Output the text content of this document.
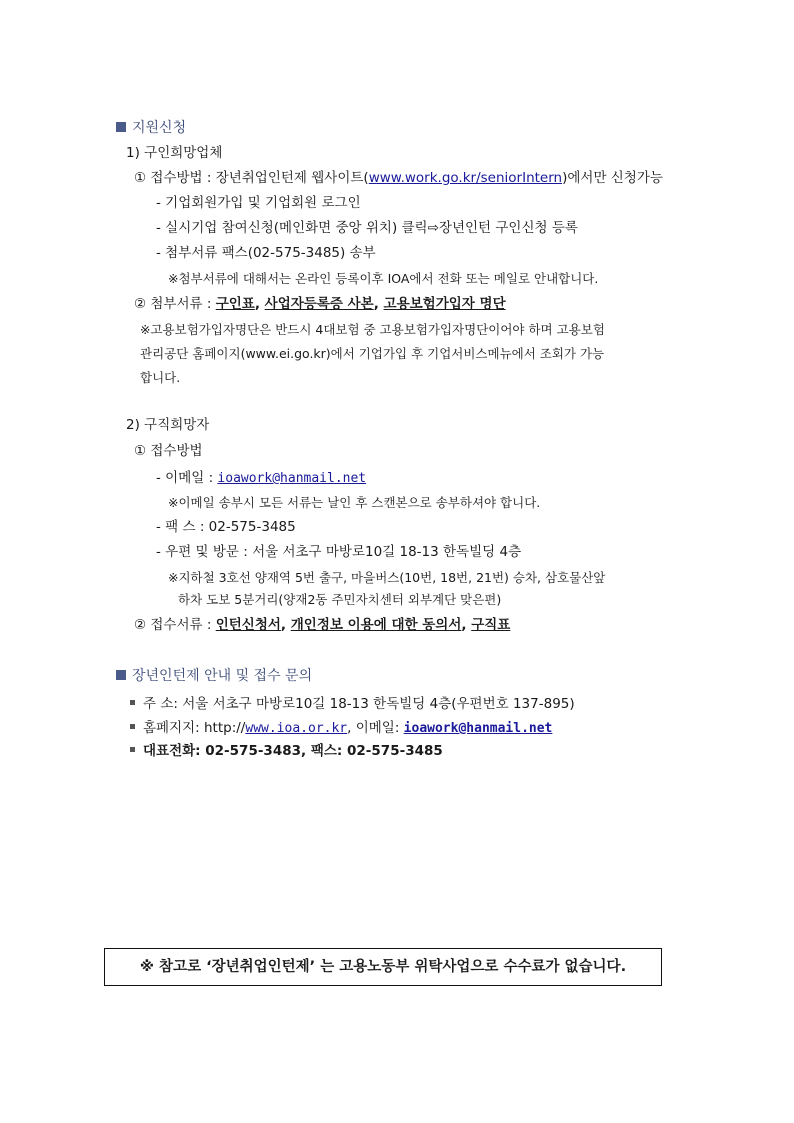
지원신청
1) 구인희망업체
① 접수방법 : 장년취업인턴제 웹사이트(www.work.go.kr/seniorIntern)에서만 신청가능
- 기업회원가입 및 기업회원 로그인
- 실시기업 참여신청(메인화면 중앙 위치) 클릭⇨장년인턴 구인신청 등록
- 첨부서류 팩스(02-575-3485) 송부
※첨부서류에 대해서는 온라인 등록이후 IOA에서 전화 또는 메일로 안내합니다.
② 첨부서류 : 구인표, 사업자등록증 사본, 고용보험가입자 명단
※고용보험가입자명단은 반드시 4대보험 중 고용보험가입자명단이어야 하며 고용보험
관리공단 홈페이지(www.ei.go.kr)에서 기업가입 후 기업서비스메뉴에서 조회가 가능
합니다.
2) 구직희망자
① 접수방법
- 이메일 : ioawork@hanmail.net
※이메일 송부시 모든 서류는 날인 후 스캔본으로 송부하셔야 합니다.
- 팩 스 : 02-575-3485
- 우편 및 방문 : 서울 서초구 마방로10길 18-13 한독빌딩 4층
※지하철 3호선 양재역 5번 출구, 마을버스(10번, 18번, 21번) 승차, 삼호물산앞
하차 도보 5분거리(양재2동 주민자치센터 외부계단 맞은편)
② 접수서류 : 인턴신청서, 개인정보 이용에 대한 동의서, 구직표
장년인턴제 안내 및 접수 문의
주 소: 서울 서초구 마방로10길 18-13 한독빌딩 4층(우편번호 137-895)
홈페지지: http://www.ioa.or.kr, 이메일: ioawork@hanmail.net
대표전화: 02-575-3483, 팩스: 02-575-3485
※ 참고로 ‘장년취업인턴제’ 는 고용노동부 위탁사업으로 수수료가 없습니다.
